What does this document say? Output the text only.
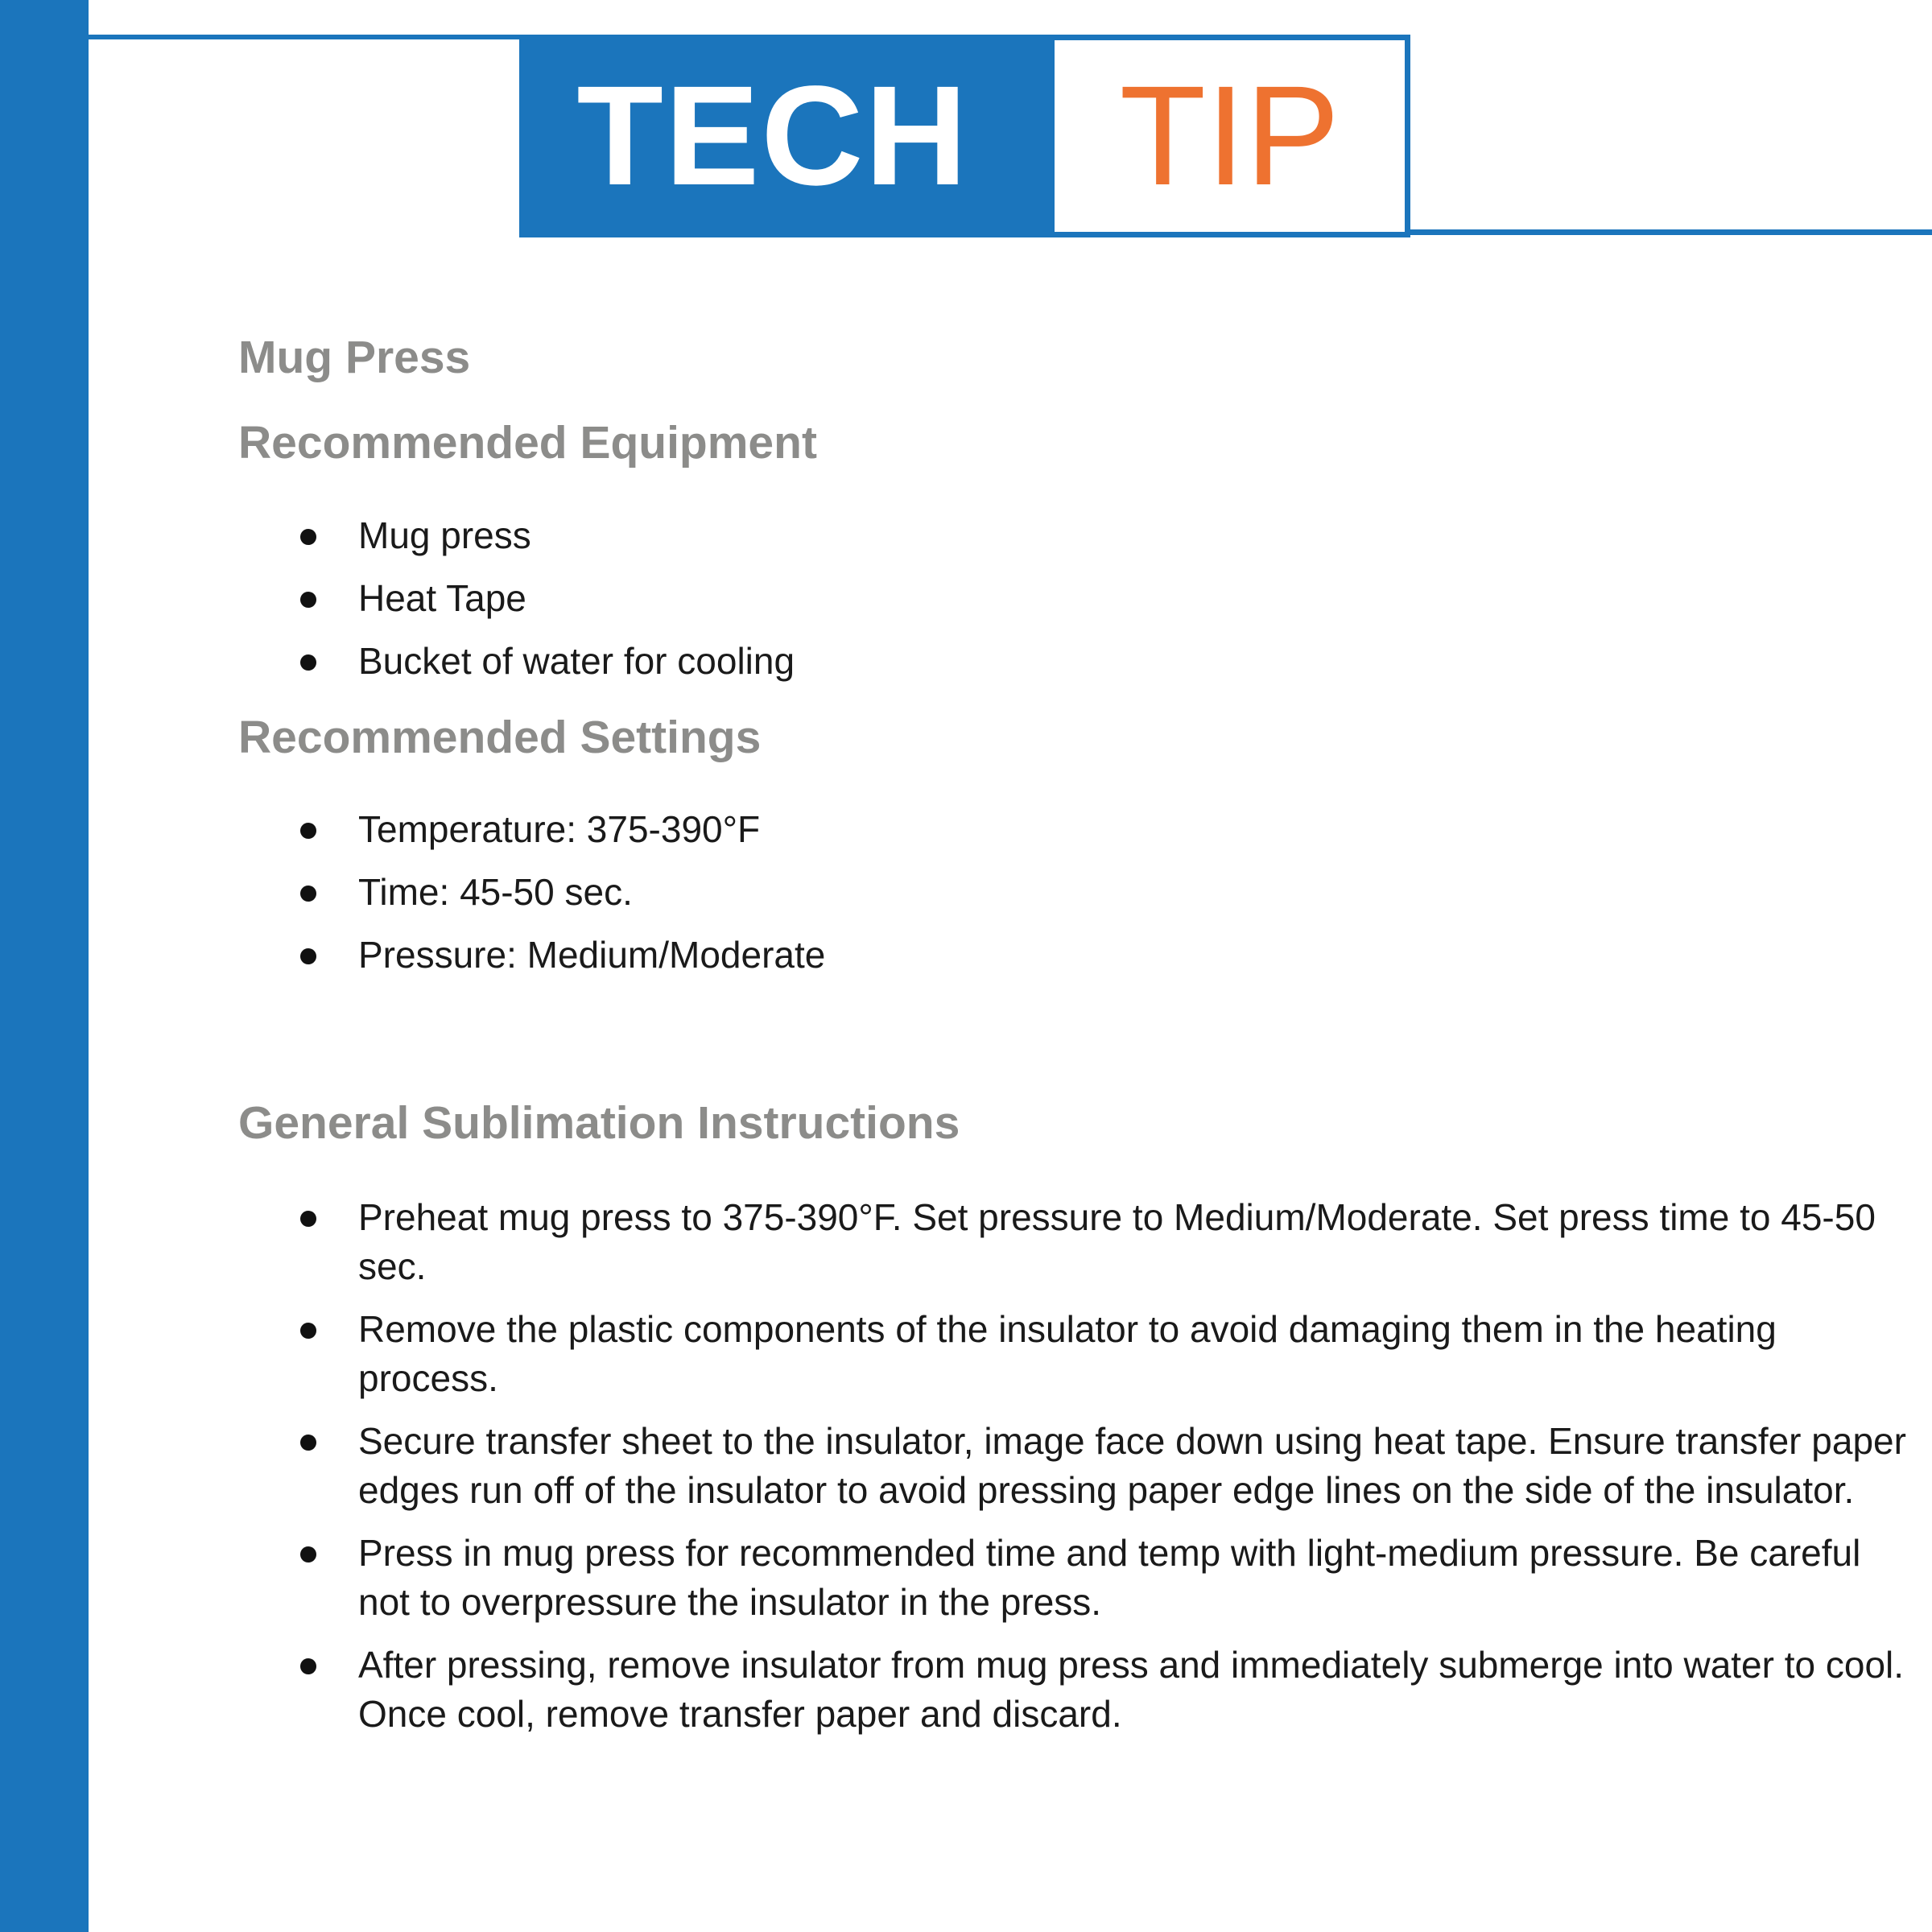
TECH	TIP
Mug Press
Recommended Equipment
Mug press
Heat Tape
Bucket of water for cooling
Recommended Settings
Temperature: 375-390°F
Time: 45-50 sec.
Pressure: Medium/Moderate
General Sublimation Instructions
Preheat mug press to 375-390°F. Set pressure to Medium/Moderate. Set press time to 45-50 sec.
Remove the plastic components of the insulator to avoid damaging them in the heating process.
Secure transfer sheet to the insulator, image face down using heat tape. Ensure transfer paper edges run off of the insulator to avoid pressing paper edge lines on the side of the insulator.
Press in mug press for recommended time and temp with light-medium pressure. Be careful not to overpressure the insulator in the press.
After pressing, remove insulator from mug press and immediately submerge into water to cool. Once cool, remove transfer paper and discard.
